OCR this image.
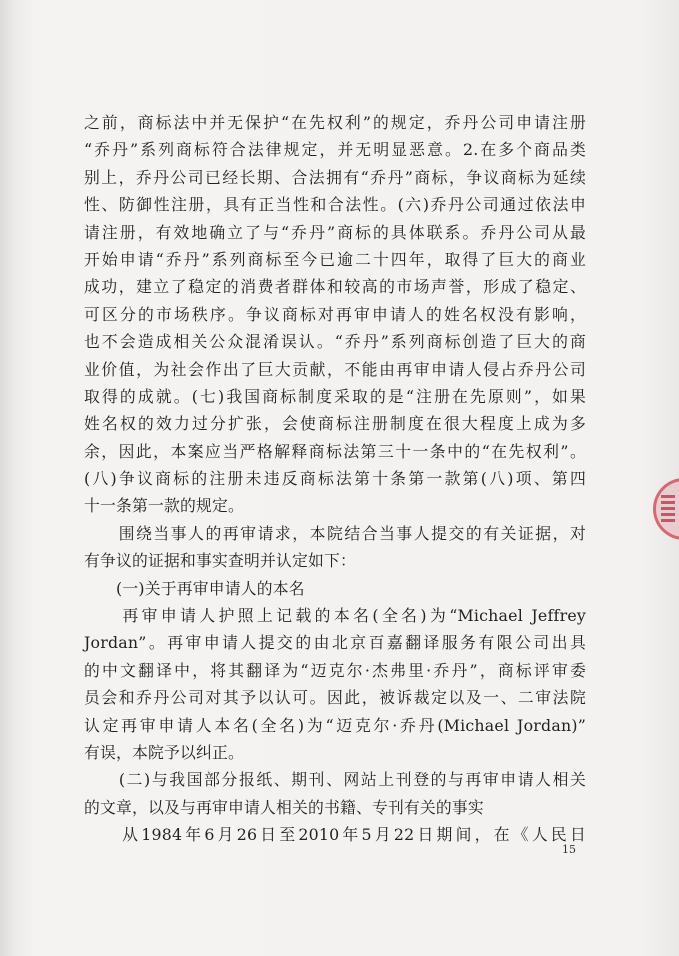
之前，商标法中并无保护“在先权利”的规定，乔丹公司申请注册
“乔丹”系列商标符合法律规定，并无明显恶意。2.在多个商品类
别上，乔丹公司已经长期、合法拥有“乔丹”商标，争议商标为延续
性、防御性注册，具有正当性和合法性。(六)乔丹公司通过依法申
请注册，有效地确立了与“乔丹”商标的具体联系。乔丹公司从最
开始申请“乔丹”系列商标至今已逾二十四年，取得了巨大的商业
成功，建立了稳定的消费者群体和较高的市场声誉，形成了稳定、
可区分的市场秩序。争议商标对再审申请人的姓名权没有影响，
也不会造成相关公众混淆误认。“乔丹”系列商标创造了巨大的商
业价值，为社会作出了巨大贡献，不能由再审申请人侵占乔丹公司
取得的成就。(七)我国商标制度采取的是“注册在先原则”，如果
姓名权的效力过分扩张，会使商标注册制度在很大程度上成为多
余，因此，本案应当严格解释商标法第三十一条中的“在先权利”。
(八)争议商标的注册未违反商标法第十条第一款第(八)项、第四
十一条第一款的规定。
　　围绕当事人的再审请求，本院结合当事人提交的有关证据，对
有争议的证据和事实查明并认定如下：
　　(一)关于再审申请人的本名
　　再审申请人护照上记载的本名(全名)为“Michael Jeffrey
Jordan”。再审申请人提交的由北京百嘉翻译服务有限公司出具
的中文翻译中，将其翻译为“迈克尔·杰弗里·乔丹”，商标评审委
员会和乔丹公司对其予以认可。因此，被诉裁定以及一、二审法院
认定再审申请人本名(全名)为“迈克尔·乔丹(Michael Jordan)”
有误，本院予以纠正。
　　(二)与我国部分报纸、期刊、网站上刊登的与再审申请人相关
的文章，以及与再审申请人相关的书籍、专刊有关的事实
　　从1984年6月26日至2010年5月22日期间，在《人民日
15
